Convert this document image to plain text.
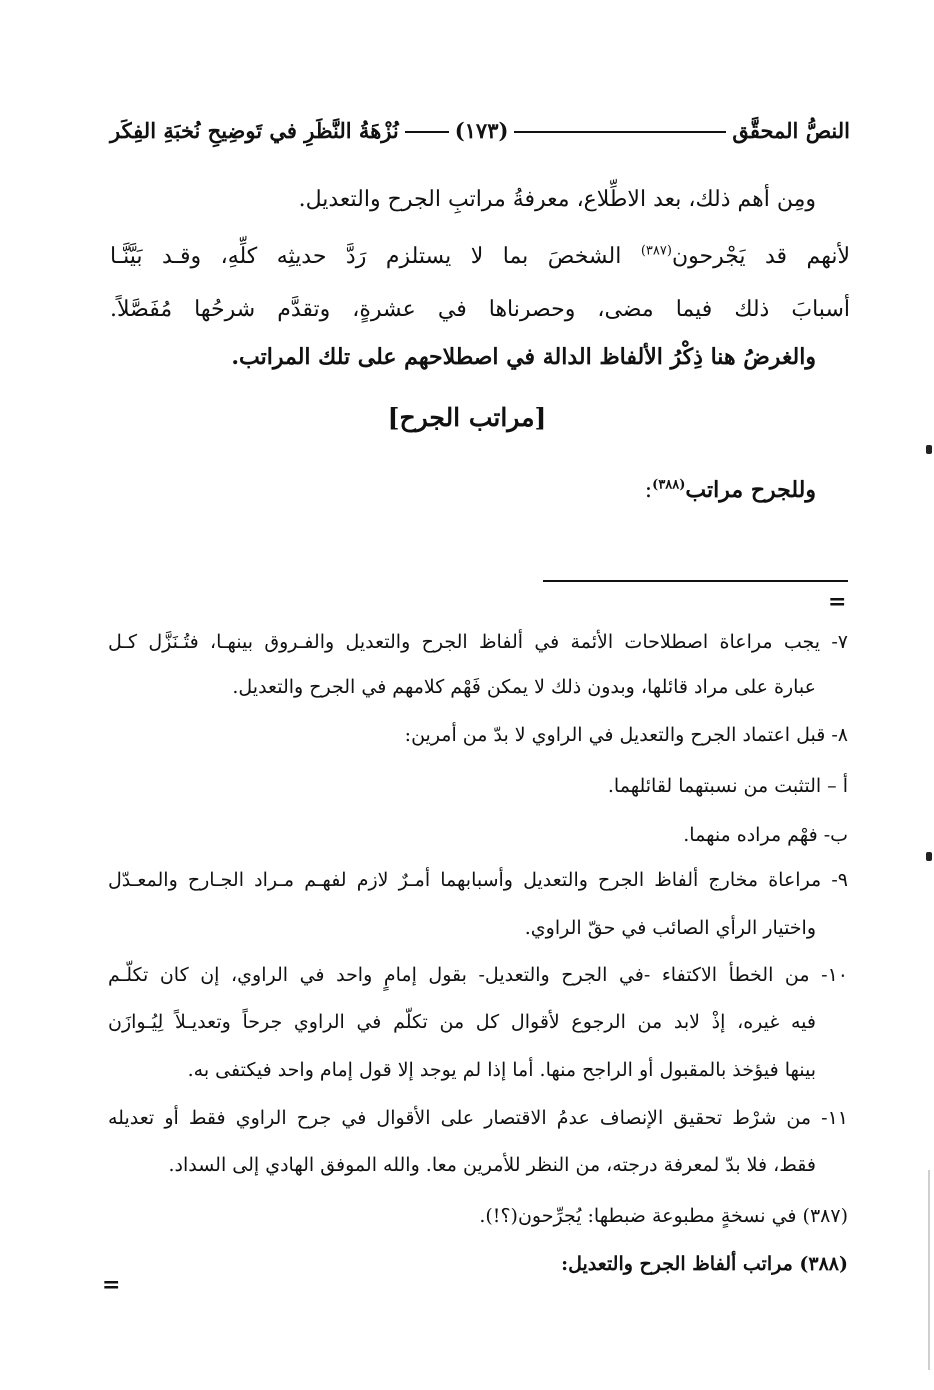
النصُّ المحقَّق
(١٧٣)
نُزْهَةُ النَّظَرِ في تَوضِيحِ نُخبَةِ الفِكَر
ومِن أهم ذلك، بعد الاطِّلاع، معرفةُ مراتبِ الجرح والتعديل.
لأنهم قد يَجْرحون$^{(٣٨٧)}$ الشخصَ بما لا يستلزم رَدَّ حديثِه كلِّهِ، وقـد بَيَّنَّـا
أسبابَ ذلك فيما مضى، وحصرناها في عشرةٍ، وتقدَّم شرحُها مُفَصَّلاً.
والغرضُ هنا ذِكْرُ الألفاظ الدالة في اصطلاحهم على تلك المراتب.
[مراتب الجرح]
وللجرح مراتب$^{(٣٨٨)}$:
=
٧- يجب مراعاة اصطلاحات الأئمة في ألفاظ الجرح والتعديل والفـروق بينهـا، فتُـنَزَّل كـل
عبارة على مراد قائلها، وبدون ذلك لا يمكن فَهْم كلامهم في الجرح والتعديل.
٨- قبل اعتماد الجرح والتعديل في الراوي لا بدّ من أمرين:
أ – التثبت من نسبتهما لقائلهما.
ب- فهْم مراده منهما.
٩- مراعاة مخارج ألفاظ الجرح والتعديل وأسبابهما أمـرٌ لازم لفهـم مـراد الجـارح والمعـدّل
واختيار الرأي الصائب في حقّ الراوي.
١٠- من الخطأ الاكتفاء -في الجرح والتعديل- بقول إمامٍ واحد في الراوي، إن كان تكلّـم
فيه غيره، إذْ لابد من الرجوع لأقوال كل من تكلّم في الراوي جرحاً وتعديـلاً لِيُـوازَن
بينها فيؤخذ بالمقبول أو الراجح منها. أما إذا لم يوجد إلا قول إمام واحد فيكتفى به.
١١- من شرْط تحقيق الإنصاف عدمُ الاقتصار على الأقوال في جرح الراوي فقط أو تعديله
فقط، فلا بدّ لمعرفة درجته، من النظر للأمرين معا. والله الموفق الهادي إلى السداد.
(٣٨٧) في نسخةٍ مطبوعة ضبطها: يُجرِّحون(؟!).
(٣٨٨) مراتب ألفاظ الجرح والتعديل:
=
